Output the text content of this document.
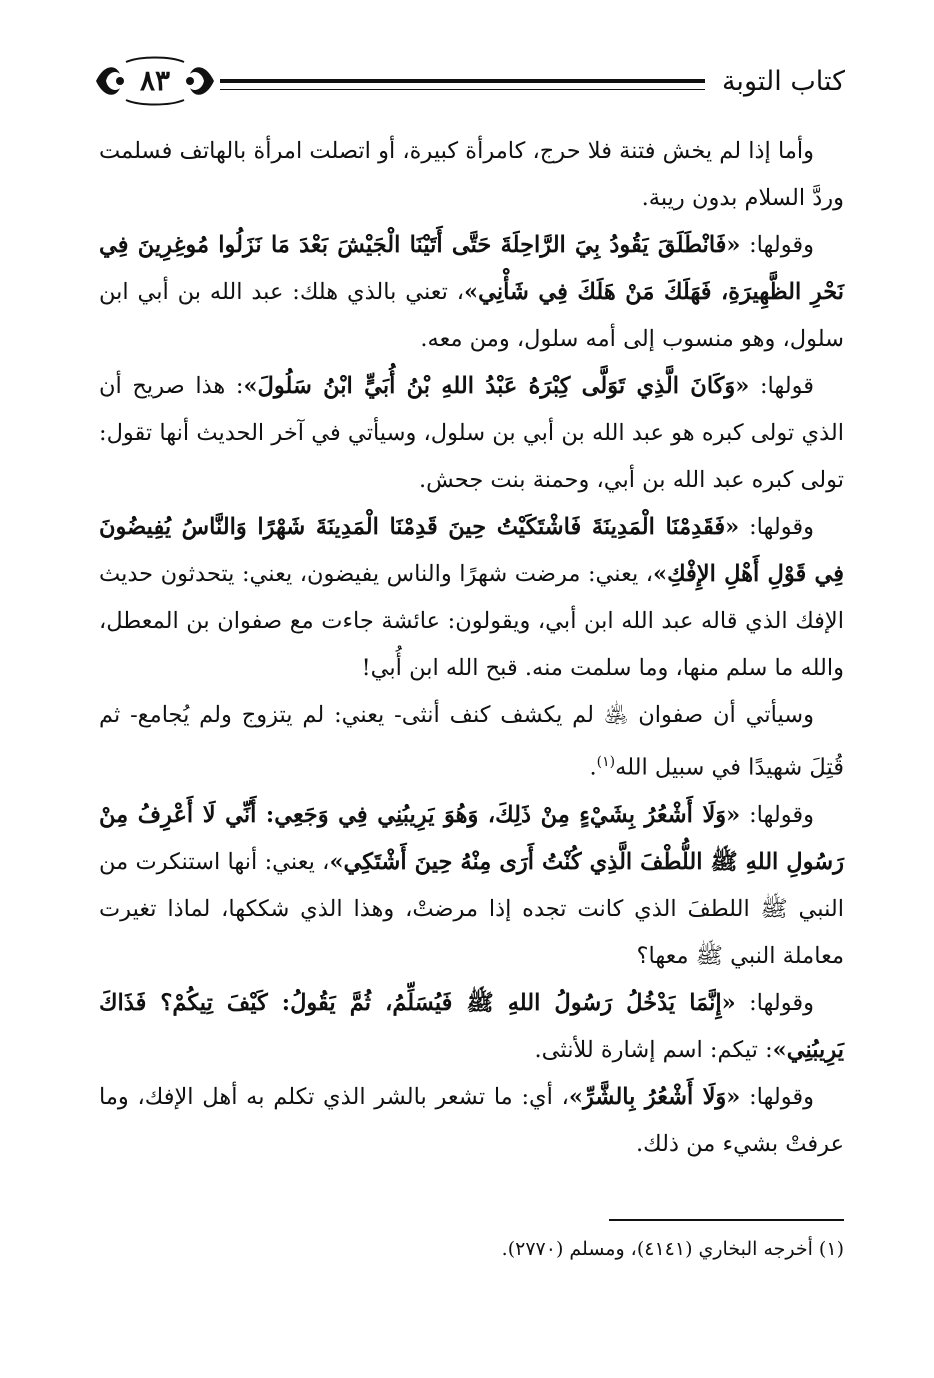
كتاب التوبة
٨٣

وأما إذا لم يخش فتنة فلا حرج، كامرأة كبيرة، أو اتصلت امرأة بالهاتف فسلمت وردَّ السلام بدون ريبة.

وقولها: «فَانْطَلَقَ يَقُودُ بِيَ الرَّاحِلَةَ حَتَّى أَتَيْنَا الْجَيْشَ بَعْدَ مَا نَزَلُوا مُوغِرِينَ فِي نَحْرِ الظَّهِيرَةِ، فَهَلَكَ مَنْ هَلَكَ فِي شَأْنِي»، تعني بالذي هلك: عبد الله بن أبي ابن سلول، وهو منسوب إلى أمه سلول، ومن معه.

قولها: «وَكَانَ الَّذِي تَوَلَّى كِبْرَهُ عَبْدُ اللهِ بْنُ أُبَيٍّ ابْنُ سَلُولَ»: هذا صريح أن الذي تولى كبره هو عبد الله بن أبي بن سلول، وسيأتي في آخر الحديث أنها تقول: تولى كبره عبد الله بن أبي، وحمنة بنت جحش.

وقولها: «فَقَدِمْنَا الْمَدِينَةَ فَاشْتَكَيْتُ حِينَ قَدِمْنَا الْمَدِينَةَ شَهْرًا وَالنَّاسُ يُفِيضُونَ فِي قَوْلِ أَهْلِ الإِفْكِ»، يعني: مرضت شهرًا والناس يفيضون، يعني: يتحدثون حديث الإفك الذي قاله عبد الله ابن أبي، ويقولون: عائشة جاءت مع صفوان بن المعطل، والله ما سلم منها، وما سلمت منه. قبح الله ابن أُبي!

وسيأتي أن صفوان ﵁ لم يكشف كنف أنثى- يعني: لم يتزوج ولم يُجامع- ثم قُتِلَ شهيدًا في سبيل الله$^{(١)}$.

وقولها: «وَلَا أَشْعُرُ بِشَيْءٍ مِنْ ذَلِكَ، وَهُوَ يَرِيبُنِي فِي وَجَعِي: أَنِّي لَا أَعْرِفُ مِنْ رَسُولِ اللهِ ﷺ اللُّطْفَ الَّذِي كُنْتُ أَرَى مِنْهُ حِينَ أَشْتَكِي»، يعني: أنها استنكرت من النبي ﷺ اللطفَ الذي كانت تجده إذا مرضتْ، وهذا الذي شككها، لماذا تغيرت معاملة النبي ﷺ معها؟

وقولها: «إِنَّمَا يَدْخُلُ رَسُولُ اللهِ ﷺ فَيُسَلِّمُ، ثُمَّ يَقُولُ: كَيْفَ تِيكُمْ؟ فَذَاكَ يَرِيبُنِي»: تيكم: اسم إشارة للأنثى.

وقولها: «وَلَا أَشْعُرُ بِالشَّرِّ»، أي: ما تشعر بالشر الذي تكلم به أهل الإفك، وما عرفتْ بشيء من ذلك.

(١) أخرجه البخاري (٤١٤١)، ومسلم (٢٧٧٠).
